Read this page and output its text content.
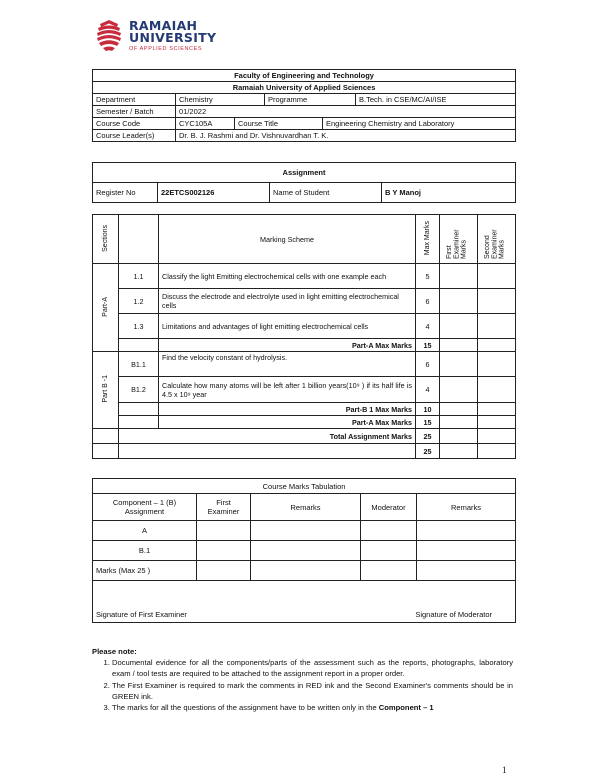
RAMAIAH
UNIVERSITY
OF APPLIED SCIENCES
Faculty of Engineering and Technology					
Ramaiah University of Applied Sciences					
Department	Chemistry		Programme		B.Tech. in CSE/MC/AI/ISE
Semester / Batch	01/2022				
Course Code	CYC105A	Course Title		Engineering Chemistry and Laboratory	
Course Leader(s)	Dr. B. J. Rashmi and Dr. Vishnuvardhan T. K.				
Assignment
Register No	22ETCS002126	Name of Student	B Y Manoj
Sections		Marking Scheme	Max Marks	First Examiner Marks	Second Examiner Marks
Part-A	1.1	Classify the light Emitting electrochemical cells with one example each	5		
	1.2	Discuss the electrode and electrolyte used in light emitting electrochemical cells	6		
	1.3	Limitations and advantages of light emitting electrochemical cells	4		
		Part-A Max Marks	15		
Part B -1	B1.1	Find the velocity constant of hydrolysis.	6		
	B1.2	Calculate how many atoms will be left after 1 billion years(10⁹ ) if its half life is 4.5 x 10⁹ year	4		
		Part-B 1 Max Marks	10		
		Part-A Max Marks	15		
	Total Assignment Marks		25		
			25		
Course Marks Tabulation				
Component – 1 (B) Assignment	First Examiner	Remarks	Moderator	Remarks
A				
B.1				
Marks (Max 25 )				

Signature of First Examiner Signature of Moderator				
Please note:
1. Documental evidence for all the components/parts of the assessment such as the reports, photographs, laboratory exam / tool tests are required to be attached to the assignment report in a proper order.
2. The First Examiner is required to mark the comments in RED ink and the Second Examiner's comments should be in GREEN ink.
3. The marks for all the questions of the assignment have to be written only in the Component – 1
1
